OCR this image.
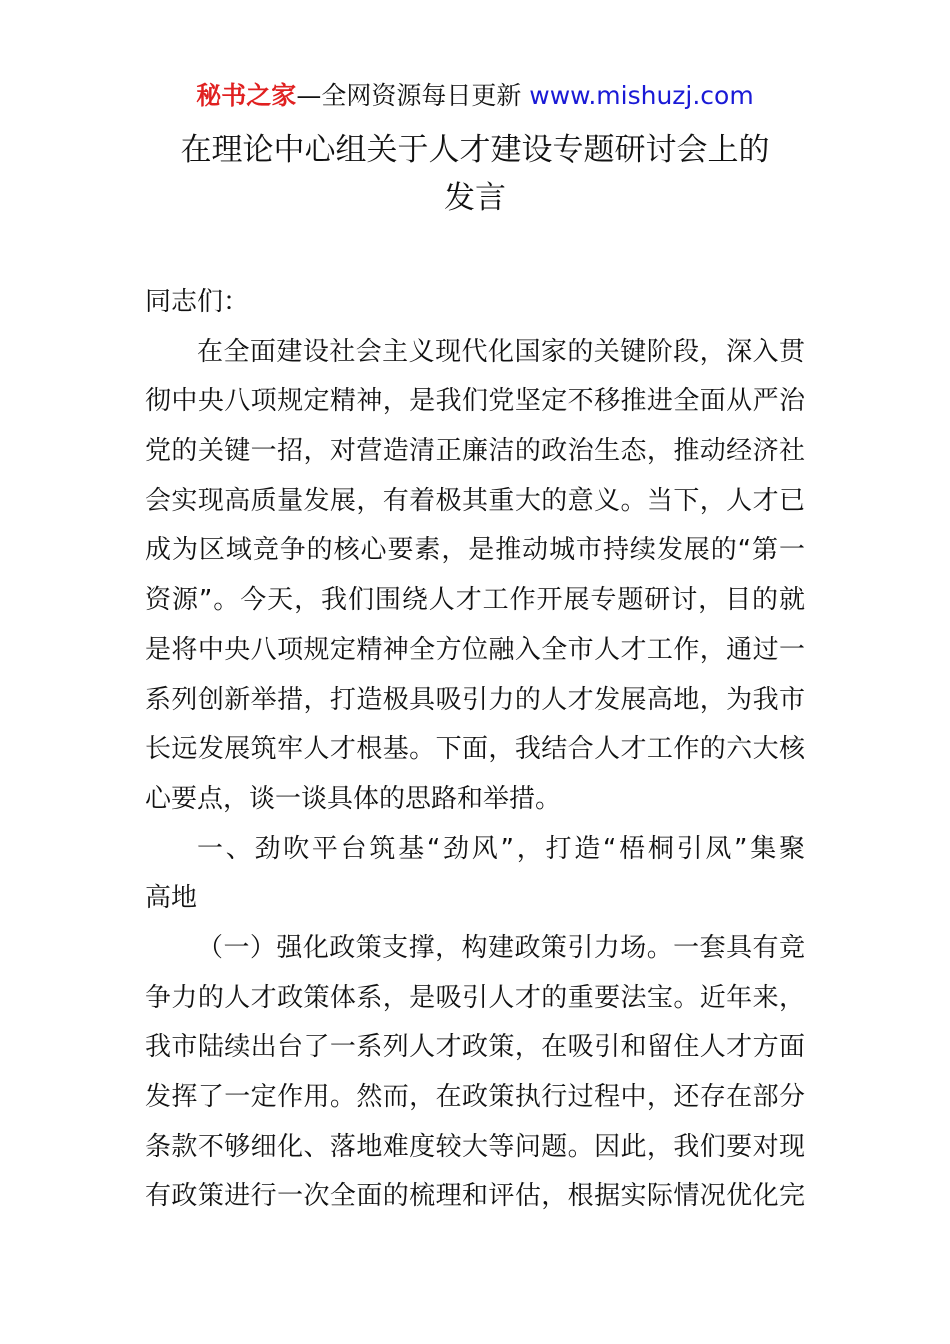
秘书之家—全网资源每日更新 www.mishuzj.com
在理论中心组关于人才建设专题研讨会上的
发言
同志们：
在全面建设社会主义现代化国家的关键阶段，深入贯
彻中央八项规定精神，是我们党坚定不移推进全面从严治
党的关键一招，对营造清正廉洁的政治生态，推动经济社
会实现高质量发展，有着极其重大的意义。当下，人才已
成为区域竞争的核心要素，是推动城市持续发展的“第一
资源”。今天，我们围绕人才工作开展专题研讨，目的就
是将中央八项规定精神全方位融入全市人才工作，通过一
系列创新举措，打造极具吸引力的人才发展高地，为我市
长远发展筑牢人才根基。下面，我结合人才工作的六大核
心要点，谈一谈具体的思路和举措。
一、劲吹平台筑基“劲风”，打造“梧桐引凤”集聚
高地
（一）强化政策支撑，构建政策引力场。一套具有竞
争力的人才政策体系，是吸引人才的重要法宝。近年来，
我市陆续出台了一系列人才政策，在吸引和留住人才方面
发挥了一定作用。然而，在政策执行过程中，还存在部分
条款不够细化、落地难度较大等问题。因此，我们要对现
有政策进行一次全面的梳理和评估，根据实际情况优化完
